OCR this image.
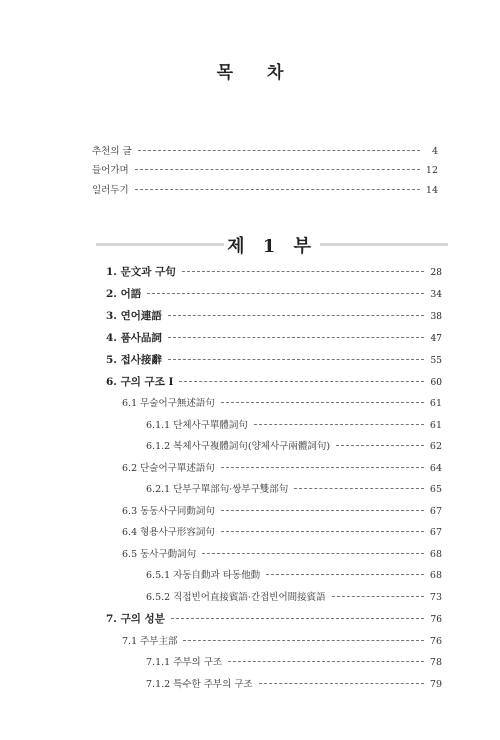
목 차
추천의 글	4
들어가며	12
일러두기	14
제 1 부
1. 문文과 구句	28
2. 어語	34
3. 연어連語	38
4. 품사品詞	47
5. 접사接辭	55
6. 구의 구조 I	60
6.1 무술어구無述語句	61
6.1.1 단체사구單體詞句	61
6.1.2 복체사구複體詞句(양체사구兩體詞句)	62
6.2 단술어구單述語句	64
6.2.1 단부구單部句·쌍부구雙部句	65
6.3 동동사구同動詞句	67
6.4 형용사구形容詞句	67
6.5 동사구動詞句	68
6.5.1 자동自動과 타동他動	68
6.5.2 직접빈어直接賓語·간접빈어間接賓語	73
7. 구의 성분	76
7.1 주부主部	76
7.1.1 주부의 구조	78
7.1.2 특수한 주부의 구조	79
